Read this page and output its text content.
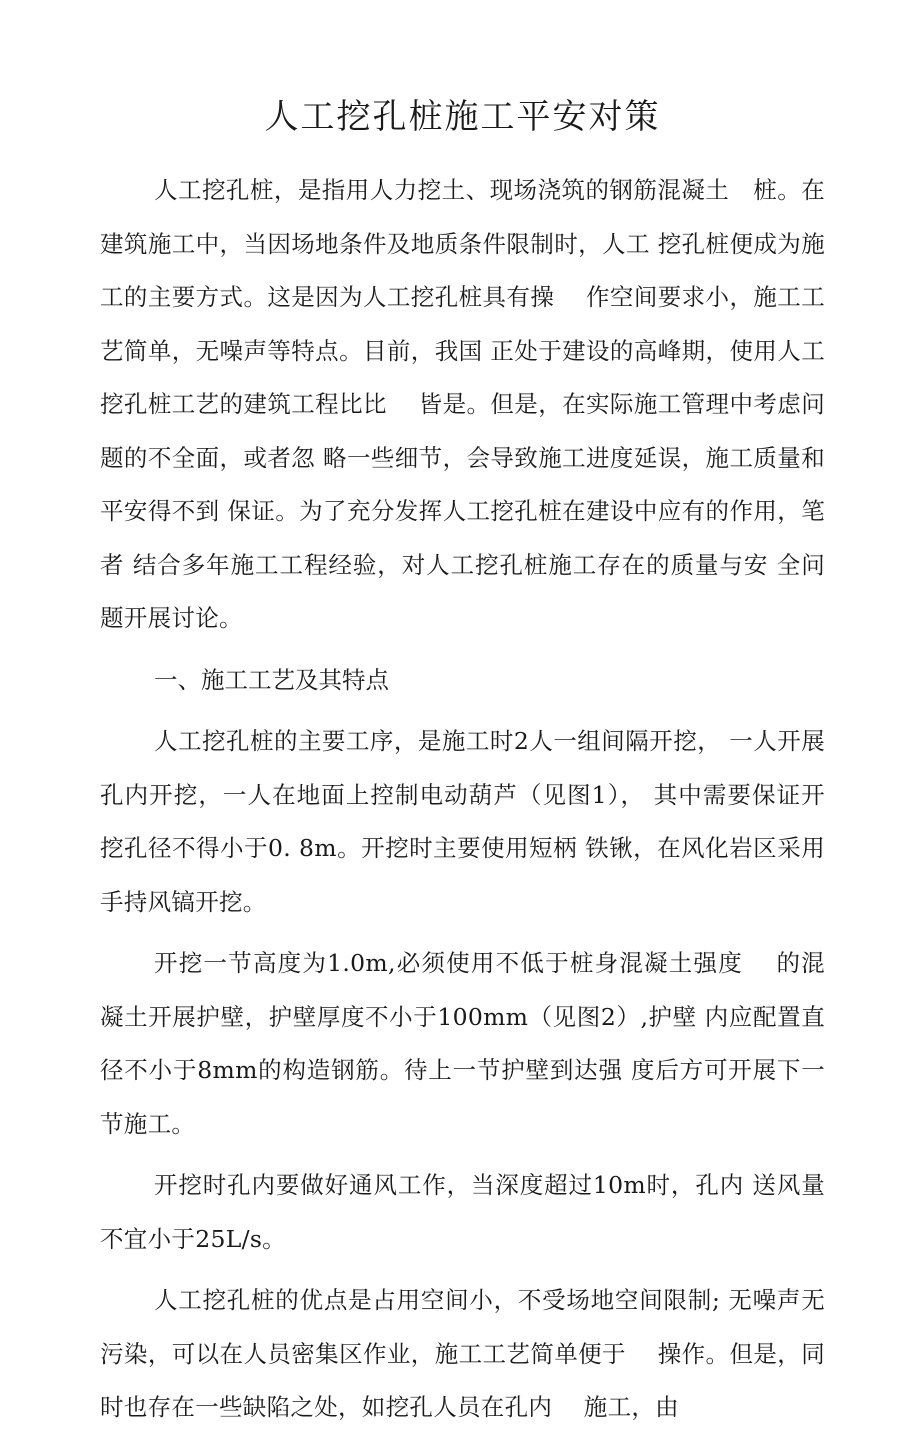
人工挖孔桩施工平安对策

人工挖孔桩，是指用人力挖土、现场浇筑的钢筋混凝土　桩。在建筑施工中，当因场地条件及地质条件限制时，人工 挖孔桩便成为施工的主要方式。这是因为人工挖孔桩具有操　 作空间要求小，施工工艺简单，无噪声等特点。目前，我国 正处于建设的高峰期，使用人工挖孔桩工艺的建筑工程比比　 皆是。但是，在实际施工管理中考虑问题的不全面，或者忽 略一些细节，会导致施工进度延误，施工质量和平安得不到 保证。为了充分发挥人工挖孔桩在建设中应有的作用，笔者 结合多年施工工程经验，对人工挖孔桩施工存在的质量与安 全问题开展讨论。

一、施工工艺及其特点

人工挖孔桩的主要工序，是施工时2人一组间隔开挖， 一人开展孔内开挖，一人在地面上控制电动葫芦（见图1）， 其中需要保证开挖孔径不得小于0. 8m。开挖时主要使用短柄 铁锹，在风化岩区采用手持风镐开挖。

开挖一节高度为1.0m,必须使用不低于桩身混凝土强度　 的混凝土开展护壁，护壁厚度不小于100mm（见图2）,护壁 内应配置直径不小于8mm的构造钢筋。待上一节护壁到达强 度后方可开展下一节施工。

开挖时孔内要做好通风工作，当深度超过10m时，孔内 送风量不宜小于25L/s。

人工挖孔桩的优点是占用空间小，不受场地空间限制; 无噪声无污染，可以在人员密集区作业，施工工艺简单便于　 操作。但是，同时也存在一些缺陷之处，如挖孔人员在孔内　 施工，由
